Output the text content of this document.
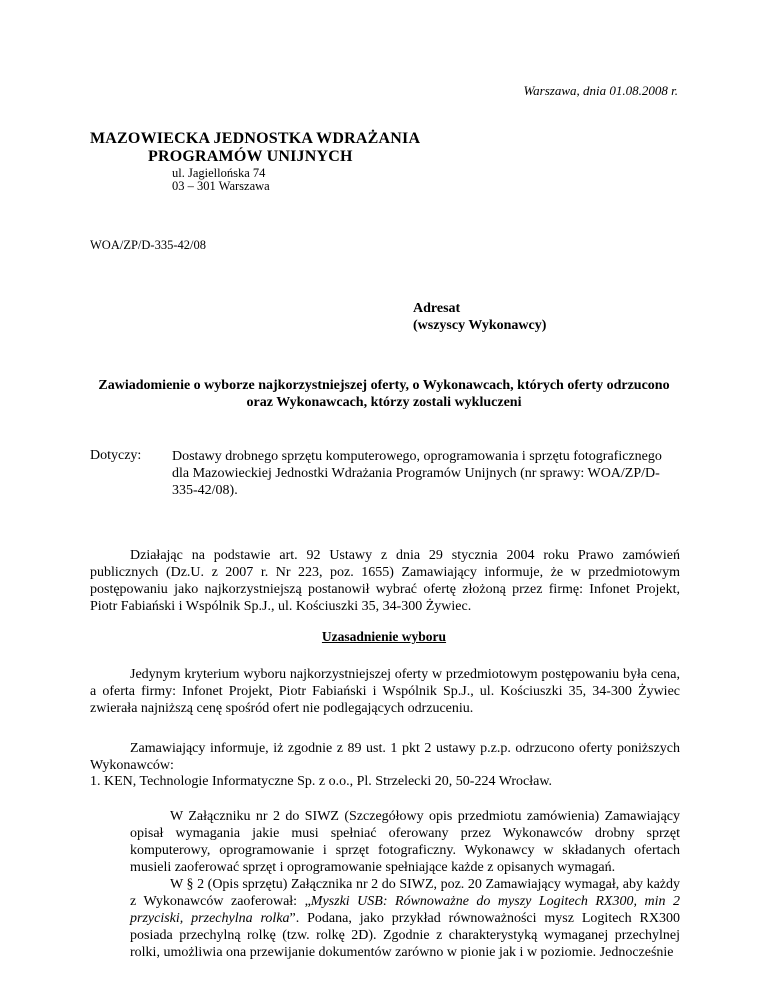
Warszawa, dnia 01.08.2008 r.
MAZOWIECKA JEDNOSTKA WDRAŻANIA
PROGRAMÓW UNIJNYCH
ul. Jagiellońska 74
03 – 301 Warszawa
WOA/ZP/D-335-42/08
Adresat
(wszyscy Wykonawcy)
Zawiadomienie o wyborze najkorzystniejszej oferty, o Wykonawcach, których oferty odrzucono oraz Wykonawcach, którzy zostali wykluczeni
Dotyczy: Dostawy drobnego sprzętu komputerowego, oprogramowania i sprzętu fotograficznego dla Mazowieckiej Jednostki Wdrażania Programów Unijnych (nr sprawy: WOA/ZP/D-335-42/08).
Działając na podstawie art. 92 Ustawy z dnia 29 stycznia 2004 roku Prawo zamówień publicznych (Dz.U. z 2007 r. Nr 223, poz. 1655) Zamawiający informuje, że w przedmiotowym postępowaniu jako najkorzystniejszą postanowił wybrać ofertę złożoną przez firmę: Infonet Projekt, Piotr Fabiański i Wspólnik Sp.J., ul. Kościuszki 35, 34-300 Żywiec.
Uzasadnienie wyboru
Jedynym kryterium wyboru najkorzystniejszej oferty w przedmiotowym postępowaniu była cena, a oferta firmy: Infonet Projekt, Piotr Fabiański i Wspólnik Sp.J., ul. Kościuszki 35, 34-300 Żywiec zwierała najniższą cenę spośród ofert nie podlegających odrzuceniu.
Zamawiający informuje, iż zgodnie z 89 ust. 1 pkt 2 ustawy p.z.p. odrzucono oferty poniższych Wykonawców:
1. KEN, Technologie Informatyczne Sp. z o.o., Pl. Strzelecki 20, 50-224 Wrocław.
W Załączniku nr 2 do SIWZ (Szczegółowy opis przedmiotu zamówienia) Zamawiający opisał wymagania jakie musi spełniać oferowany przez Wykonawców drobny sprzęt komputerowy, oprogramowanie i sprzęt fotograficzny. Wykonawcy w składanych ofertach musieli zaoferować sprzęt i oprogramowanie spełniające każde z opisanych wymagań.
W § 2 (Opis sprzętu) Załącznika nr 2 do SIWZ, poz. 20 Zamawiający wymagał, aby każdy z Wykonawców zaoferował: „Myszki USB: Równoważne do myszy Logitech RX300, min 2 przyciski, przechylna rolka”. Podana, jako przykład równoważności mysz Logitech RX300 posiada przechylną rolkę (tzw. rolkę 2D). Zgodnie z charakterystyką wymaganej przechylnej rolki, umożliwia ona przewijanie dokumentów zarówno w pionie jak i w poziomie. Jednocześnie
